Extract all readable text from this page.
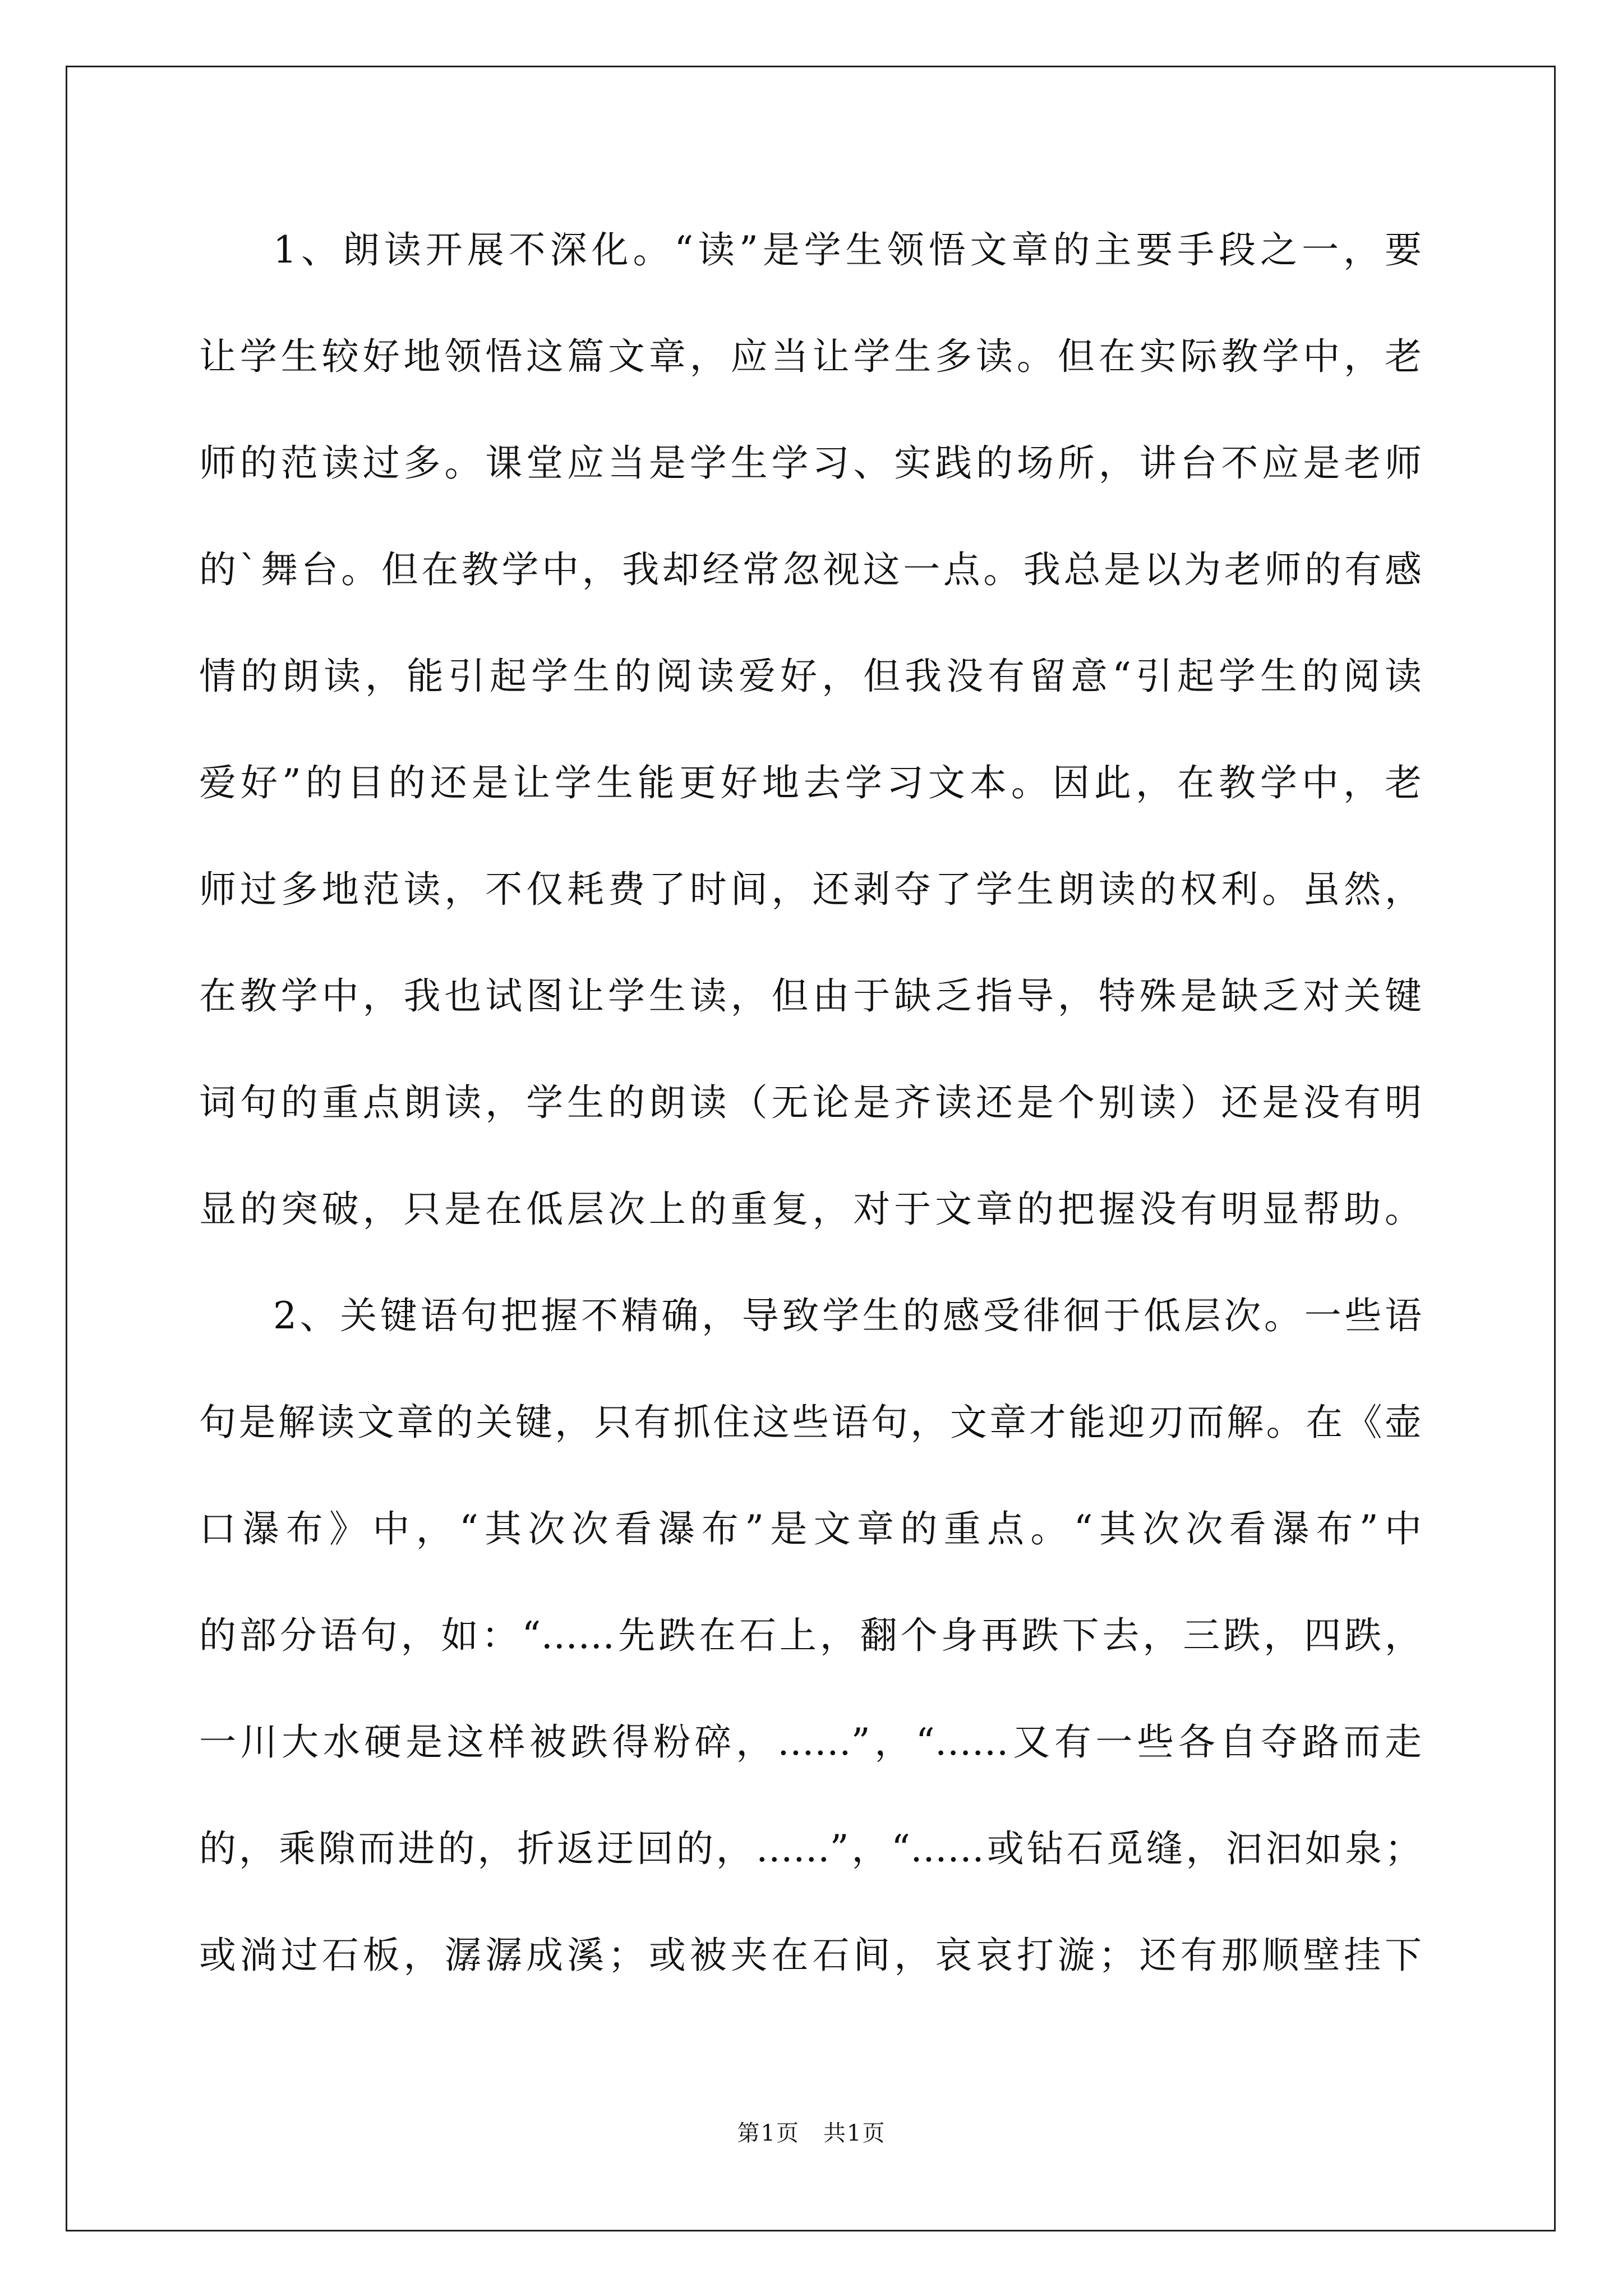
1、朗读开展不深化。“读”是学生领悟文章的主要手段之一，要
让学生较好地领悟这篇文章，应当让学生多读。但在实际教学中，老
师的范读过多。课堂应当是学生学习、实践的场所，讲台不应是老师
的`舞台。但在教学中，我却经常忽视这一点。我总是以为老师的有感
情的朗读，能引起学生的阅读爱好，但我没有留意“引起学生的阅读
爱好”的目的还是让学生能更好地去学习文本。因此，在教学中，老
师过多地范读，不仅耗费了时间，还剥夺了学生朗读的权利。虽然，
在教学中，我也试图让学生读，但由于缺乏指导，特殊是缺乏对关键
词句的重点朗读，学生的朗读（无论是齐读还是个别读）还是没有明
显的突破，只是在低层次上的重复，对于文章的把握没有明显帮助。
2、关键语句把握不精确，导致学生的感受徘徊于低层次。一些语
句是解读文章的关键，只有抓住这些语句，文章才能迎刃而解。在《壶
口瀑布》中，“其次次看瀑布”是文章的重点。“其次次看瀑布”中
的部分语句，如：“……先跌在石上，翻个身再跌下去，三跌，四跌，
一川大水硬是这样被跌得粉碎，……”，“……又有一些各自夺路而走
的，乘隙而进的，折返迂回的，……”，“……或钻石觅缝，汩汩如泉；
或淌过石板，潺潺成溪；或被夹在石间，哀哀打漩；还有那顺壁挂下
第1页　共1页
